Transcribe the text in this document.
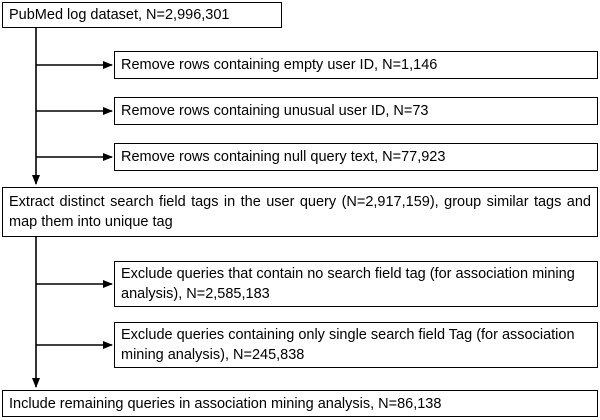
PubMed log dataset, N=2,996,301
Remove rows containing empty user ID, N=1,146
Remove rows containing unusual user ID, N=73
Remove rows containing null query text, N=77,923
Extract distinct search field tags in the user query (N=2,917,159), group similar tags and map them into unique tag
Exclude queries that contain no search field tag (for association mining analysis), N=2,585,183
Exclude queries containing only single search field Tag (for association mining analysis), N=245,838
Include remaining queries in association mining analysis, N=86,138
